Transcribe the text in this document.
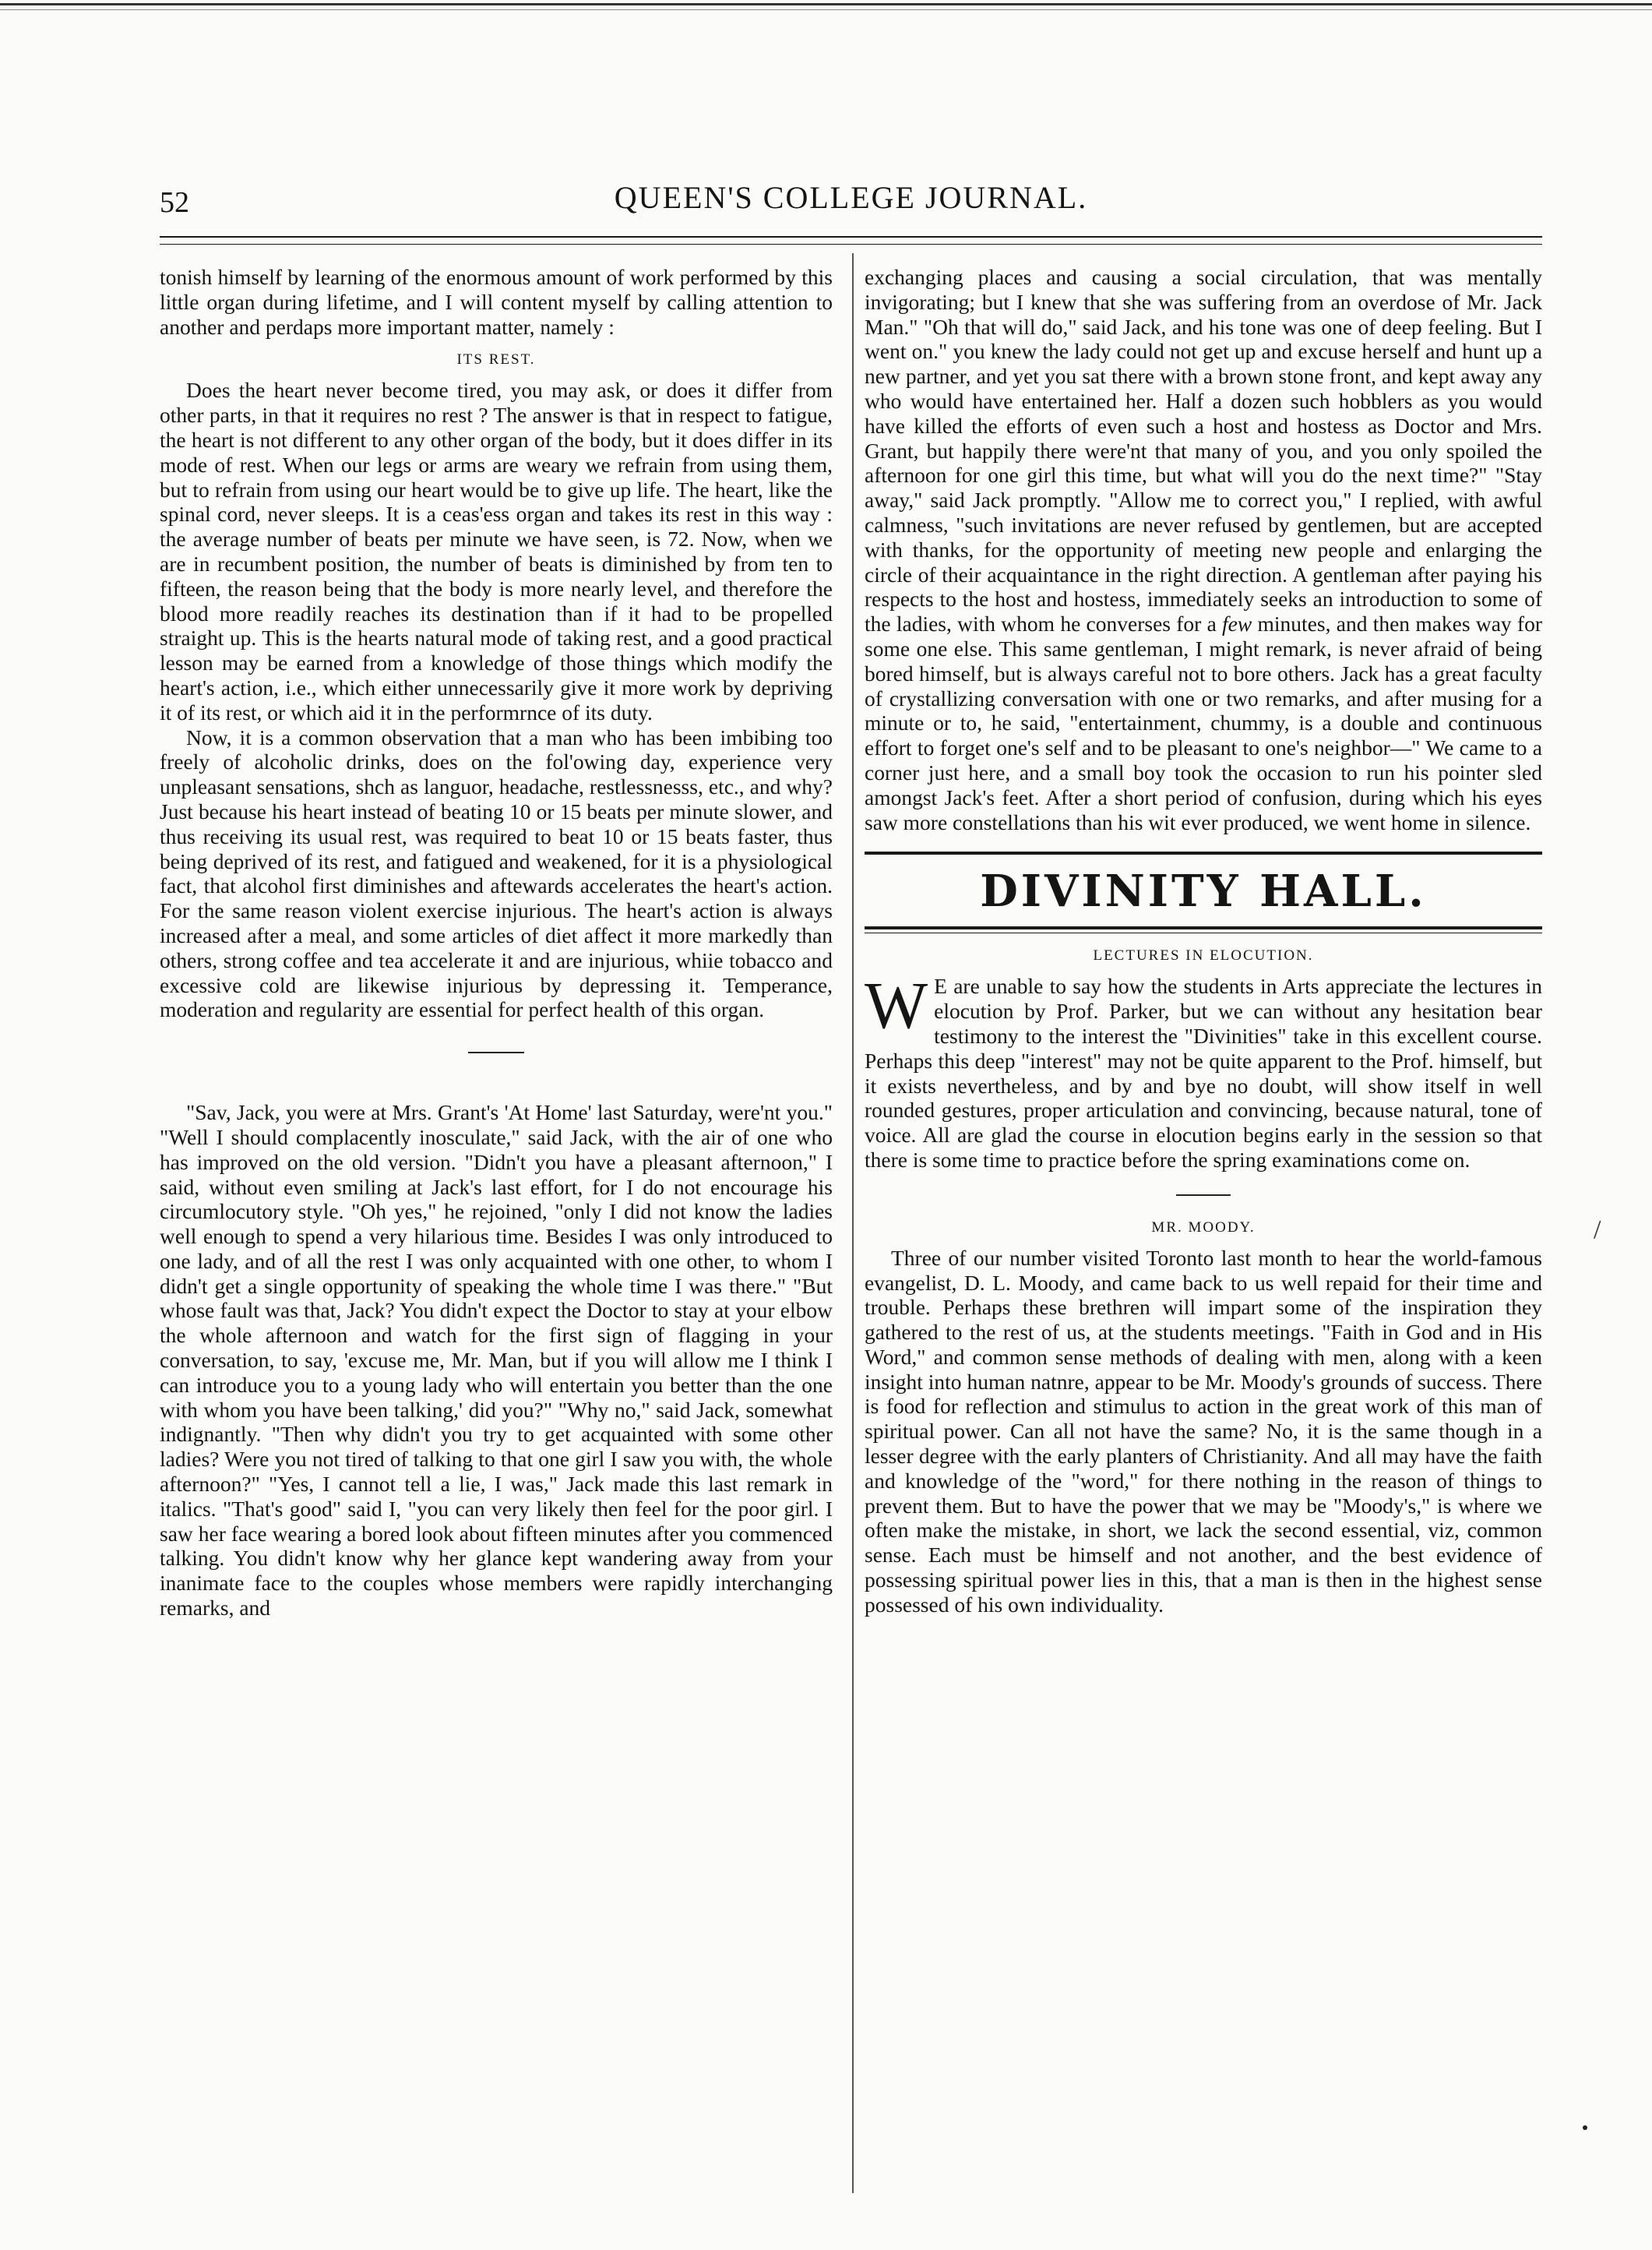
52	QUEEN'S COLLEGE JOURNAL.

tonish himself by learning of the enormous amount of work performed by this little organ during lifetime, and I will content myself by calling attention to another and perdaps more important matter, namely :

ITS REST.

Does the heart never become tired, you may ask, or does it differ from other parts, in that it requires no rest ? The answer is that in respect to fatigue, the heart is not different to any other organ of the body, but it does differ in its mode of rest. When our legs or arms are weary we refrain from using them, but to refrain from using our heart would be to give up life. The heart, like the spinal cord, never sleeps. It is a ceas'ess organ and takes its rest in this way : the average number of beats per minute we have seen, is 72. Now, when we are in recumbent position, the number of beats is diminished by from ten to fifteen, the reason being that the body is more nearly level, and therefore the blood more readily reaches its destination than if it had to be propelled straight up. This is the hearts natural mode of taking rest, and a good practical lesson may be earned from a knowledge of those things which modify the heart's action, i.e., which either unnecessarily give it more work by depriving it of its rest, or which aid it in the performrnce of its duty.

Now, it is a common observation that a man who has been imbibing too freely of alcoholic drinks, does on the fol'owing day, experience very unpleasant sensations, shch as languor, headache, restlessnesss, etc., and why? Just because his heart instead of beating 10 or 15 beats per minute slower, and thus receiving its usual rest, was required to beat 10 or 15 beats faster, thus being deprived of its rest, and fatigued and weakened, for it is a physiological fact, that alcohol first diminishes and aftewards accelerates the heart's action. For the same reason violent exercise injurious. The heart's action is always increased after a meal, and some articles of diet affect it more markedly than others, strong coffee and tea accelerate it and are injurious, whiie tobacco and excessive cold are likewise injurious by depressing it. Temperance, moderation and regularity are essential for perfect health of this organ.

"Sav, Jack, you were at Mrs. Grant's 'At Home' last Saturday, were'nt you." "Well I should complacently inosculate," said Jack, with the air of one who has improved on the old version. "Didn't you have a pleasant afternoon," I said, without even smiling at Jack's last effort, for I do not encourage his circumlocutory style. "Oh yes," he rejoined, "only I did not know the ladies well enough to spend a very hilarious time. Besides I was only introduced to one lady, and of all the rest I was only acquainted with one other, to whom I didn't get a single opportunity of speaking the whole time I was there." "But whose fault was that, Jack? You didn't expect the Doctor to stay at your elbow the whole afternoon and watch for the first sign of flagging in your conversation, to say, 'excuse me, Mr. Man, but if you will allow me I think I can introduce you to a young lady who will entertain you better than the one with whom you have been talking,' did you?" "Why no," said Jack, somewhat indignantly. "Then why didn't you try to get acquainted with some other ladies? Were you not tired of talking to that one girl I saw you with, the whole afternoon?" "Yes, I cannot tell a lie, I was," Jack made this last remark in italics. "That's good" said I, "you can very likely then feel for the poor girl. I saw her face wearing a bored look about fifteen minutes after you commenced talking. You didn't know why her glance kept wandering away from your inanimate face to the couples whose members were rapidly interchanging remarks, and

exchanging places and causing a social circulation, that was mentally invigorating; but I knew that she was suffering from an overdose of Mr. Jack Man." "Oh that will do," said Jack, and his tone was one of deep feeling. But I went on." you knew the lady could not get up and excuse herself and hunt up a new partner, and yet you sat there with a brown stone front, and kept away any who would have entertained her. Half a dozen such hobblers as you would have killed the efforts of even such a host and hostess as Doctor and Mrs. Grant, but happily there were'nt that many of you, and you only spoiled the afternoon for one girl this time, but what will you do the next time?" "Stay away," said Jack promptly. "Allow me to correct you," I replied, with awful calmness, "such invitations are never refused by gentlemen, but are accepted with thanks, for the opportunity of meeting new people and enlarging the circle of their acquaintance in the right direction. A gentleman after paying his respects to the host and hostess, immediately seeks an introduction to some of the ladies, with whom he converses for a few minutes, and then makes way for some one else. This same gentleman, I might remark, is never afraid of being bored himself, but is always careful not to bore others. Jack has a great faculty of crystallizing conversation with one or two remarks, and after musing for a minute or to, he said, "entertainment, chummy, is a double and continuous effort to forget one's self and to be pleasant to one's neighbor—" We came to a corner just here, and a small boy took the occasion to run his pointer sled amongst Jack's feet. After a short period of confusion, during which his eyes saw more constellations than his wit ever produced, we went home in silence.

DIVINITY HALL.
LECTURES IN ELOCUTION.

W E are unable to say how the students in Arts appreciate the lectures in elocution by Prof. Parker, but we can without any hesitation bear testimony to the interest the "Divinities" take in this excellent course. Perhaps this deep "interest" may not be quite apparent to the Prof. himself, but it exists nevertheless, and by and bye no doubt, will show itself in well rounded gestures, proper articulation and convincing, because natural, tone of voice. All are glad the course in elocution begins early in the session so that there is some time to practice before the spring examinations come on.

MR. MOODY.

Three of our number visited Toronto last month to hear the world-famous evangelist, D. L. Moody, and came back to us well repaid for their time and trouble. Perhaps these brethren will impart some of the inspiration they gathered to the rest of us, at the students meetings. "Faith in God and in His Word," and common sense methods of dealing with men, along with a keen insight into human natnre, appear to be Mr. Moody's grounds of success. There is food for reflection and stimulus to action in the great work of this man of spiritual power. Can all not have the same? No, it is the same though in a lesser degree with the early planters of Christianity. And all may have the faith and knowledge of the "word," for there nothing in the reason of things to prevent them. But to have the power that we may be "Moody's," is where we often make the mistake, in short, we lack the second essential, viz, common sense. Each must be himself and not another, and the best evidence of possessing spiritual power lies in this, that a man is then in the highest sense possessed of his own individuality.

/
